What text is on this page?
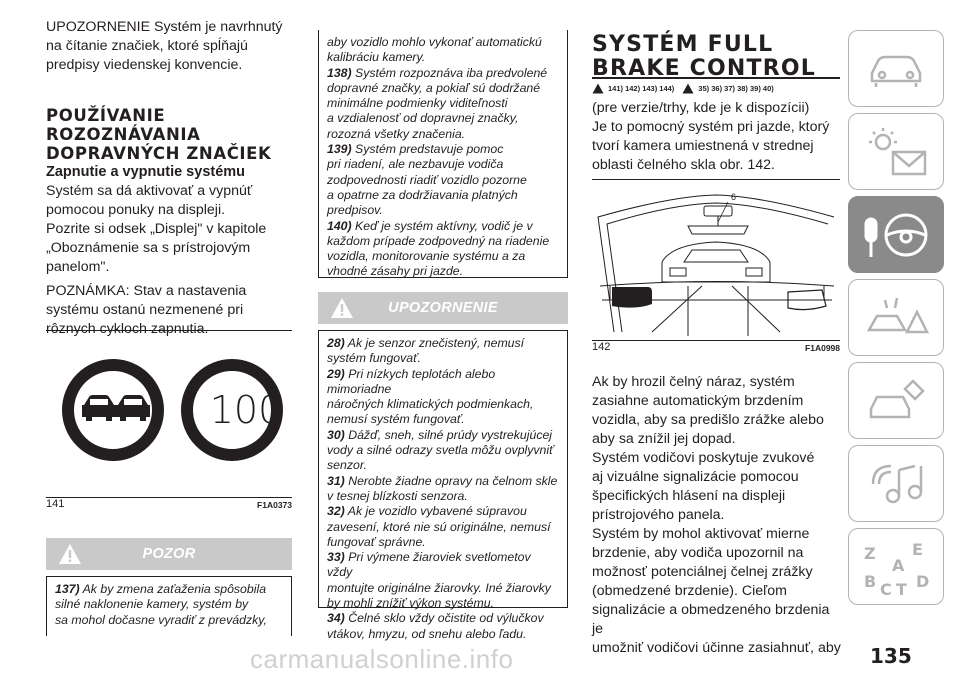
UPOZORNENIE Systém je navrhnutý

na čítanie značiek, ktoré spĺňajú

predpisy viedenskej konvencie.

POUŽÍVANIE

ROZOZNÁVANIA

DOPRAVNÝCH ZNAČIEK

Zapnutie a vypnutie systému

Systém sa dá aktivovať a vypnúť

pomocou ponuky na displeji.

Pozrite si odsek „Displej" v kapitole

„Oboznámenie sa s prístrojovým

panelom".

POZNÁMKA: Stav a nastavenia

systému ostanú nezmenené pri

rôznych cykloch zapnutia.

100
141	F1A0373
POZOR

137) Ak by zmena zaťaženia spôsobila

silné naklonenie kamery, systém by

sa mohol dočasne vyradiť z prevádzky,

aby vozidlo mohlo vykonať automatickú

kalibráciu kamery.

138) Systém rozpoznáva iba predvolené

dopravné značky, a pokiaľ sú dodržané

minimálne podmienky viditeľnosti

a vzdialenosť od dopravnej značky,

rozozná všetky značenia.

139) Systém predstavuje pomoc

pri riadení, ale nezbavuje vodiča

zodpovednosti riadiť vozidlo pozorne

a opatrne za dodržiavania platných

predpisov.

140) Keď je systém aktívny, vodič je v

každom prípade zodpovedný na riadenie

vozidla, monitorovanie systému a za

vhodné zásahy pri jazde.

UPOZORNENIE

28) Ak je senzor znečistený, nemusí

systém fungovať.

29) Pri nízkych teplotách alebo mimoriadne

náročných klimatických podmienkach,

nemusí systém fungovať.

30) Dážď, sneh, silné prúdy vystrekujúcej

vody a silné odrazy svetla môžu ovplyvniť

senzor.

31) Nerobte žiadne opravy na čelnom skle

v tesnej blízkosti senzora.

32) Ak je vozidlo vybavené súpravou

zavesení, ktoré nie sú originálne, nemusí

fungovať správne.

33) Pri výmene žiaroviek svetlometov vždy

montujte originálne žiarovky. Iné žiarovky

by mohli znížiť výkon systému.

34) Čelné sklo vždy očistite od výlučkov

vtákov, hmyzu, od snehu alebo ľadu.

SYSTÉM FULL
BRAKE CONTROL
141) 142) 143) 144)	35) 36) 37) 38) 39) 40)

(pre verzie/trhy, kde je k dispozícii)

Je to pomocný systém pri jazde, ktorý

tvorí kamera umiestnená v strednej

oblasti čelného skla obr. 142.

6
142	F1A0998

Ak by hrozil čelný náraz, systém

zasiahne automatickým brzdením

vozidla, aby sa predišlo zrážke alebo

aby sa znížil jej dopad.

Systém vodičovi poskytuje zvukové

aj vizuálne signalizácie pomocou

špecifických hlásení na displeji

prístrojového panela.

Systém by mohol aktivovať mierne

brzdenie, aby vodiča upozornil na

možnosť potenciálnej čelnej zrážky

(obmedzené brzdenie). Cieľom

signalizácie a obmedzeného brzdenia je

umožniť vodičovi účinne zasiahnuť, aby

Z E
A
B D
C T
carmanualsonline.info	135
